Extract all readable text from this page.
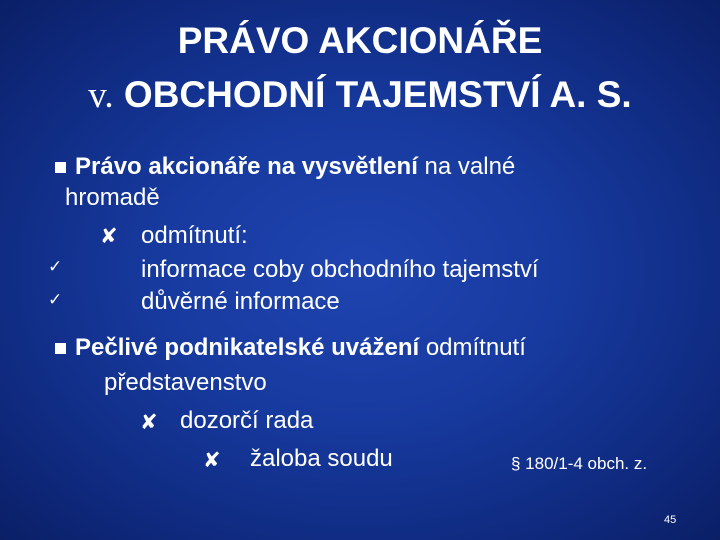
PRÁVO AKCIONÁŘE
v. OBCHODNÍ TAJEMSTVÍ A. S.
Právo akcionáře na vysvětlení na valné
hromadě
✘ odmítnutí:
✓	informace coby obchodního tajemství
✓	důvěrné informace
Pečlivé podnikatelské uvážení odmítnutí
představenstvo
✘ dozorčí rada
✘ žaloba soudu	§ 180/1-4 obch. z.
45
